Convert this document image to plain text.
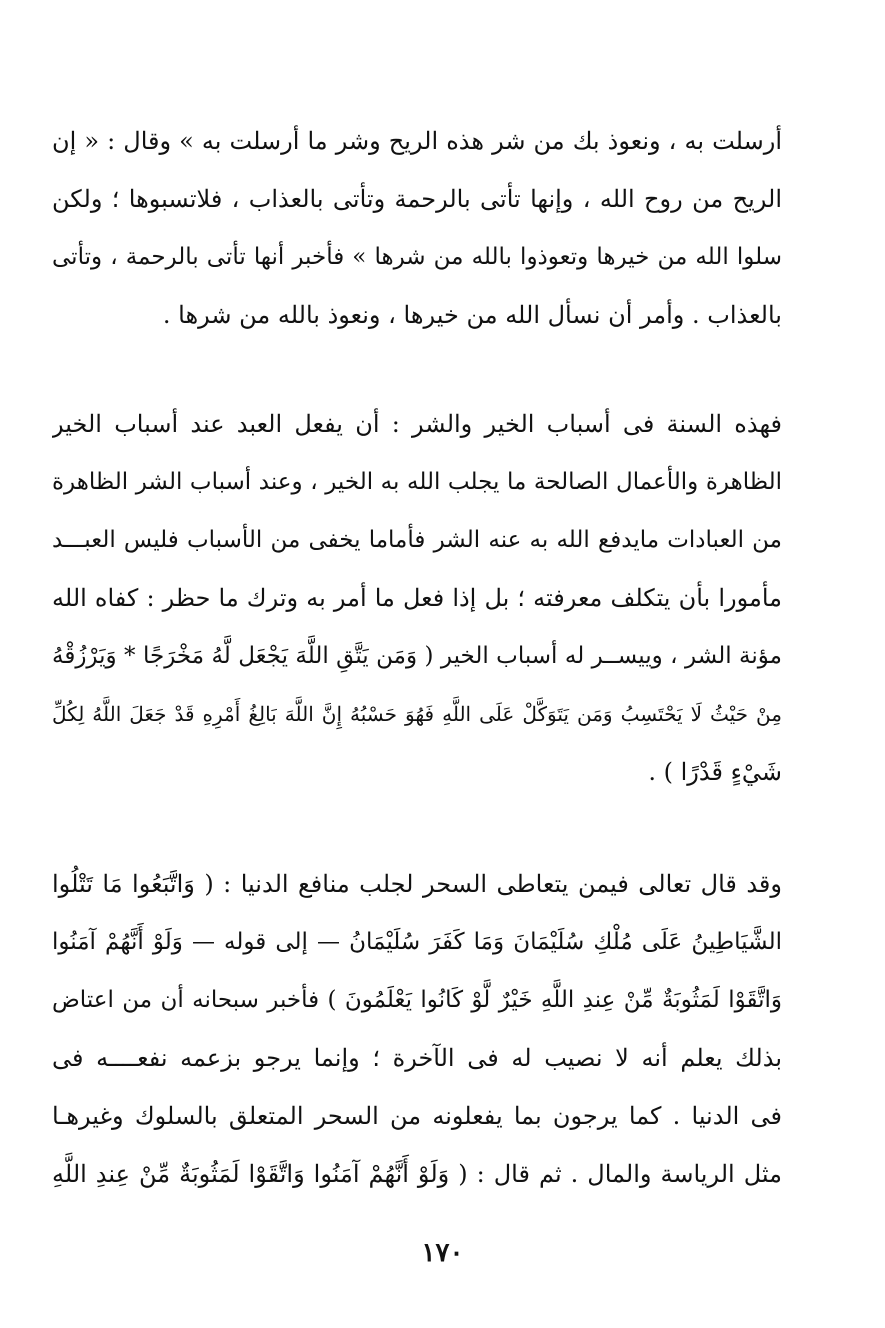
أرسلت به ، ونعوذ بك من شر هذه الريح وشر ما أرسلت به » وقال : « إن
الريح من روح الله ، وإنها تأتى بالرحمة وتأتى بالعذاب ، فلاتسبوها ؛ ولكن
سلوا الله من خيرها وتعوذوا بالله من شرها » فأخبر أنها تأتى بالرحمة ، وتأتى
بالعذاب . وأمر أن نسأل الله من خيرها ، ونعوذ بالله من شرها .
فهذه السنة فى أسباب الخير والشر : أن يفعل العبد عند أسباب الخير
الظاهرة والأعمال الصالحة ما يجلب الله به الخير ، وعند أسباب الشر الظاهرة
من العبادات مايدفع الله به عنه الشر فأماما يخفى من الأسباب فليس العبـــد
مأمورا بأن يتكلف معرفته ؛ بل إذا فعل ما أمر به وترك ما حظر : كفاه الله
مؤنة الشر ، وييســر له أسباب الخير ( وَمَن يَتَّقِ اللَّهَ يَجْعَل لَّهُ مَخْرَجًا * وَيَرْزُقْهُ
مِنْ حَيْثُ لَا يَحْتَسِبُ وَمَن يَتَوَكَّلْ عَلَى اللَّهِ فَهُوَ حَسْبُهُ إِنَّ اللَّهَ بَالِغُ أَمْرِهِ قَدْ جَعَلَ اللَّهُ لِكُلِّ
شَيْءٍ قَدْرًا ) .
وقد قال تعالى فيمن يتعاطى السحر لجلب منافع الدنيا : ( وَاتَّبَعُوا مَا تَتْلُوا
الشَّيَاطِينُ عَلَى مُلْكِ سُلَيْمَانَ وَمَا كَفَرَ سُلَيْمَانُ — إلى قوله — وَلَوْ أَنَّهُمْ آمَنُوا
وَاتَّقَوْا لَمَثُوبَةٌ مِّنْ عِندِ اللَّهِ خَيْرٌ لَّوْ كَانُوا يَعْلَمُونَ ) فأخبر سبحانه أن من اعتاض
بذلك يعلم أنه لا نصيب له فى الآخرة ؛ وإنما يرجو بزعمه نفعــــه فى
فى الدنيا . كما يرجون بما يفعلونه من السحر المتعلق بالسلوك وغيرهـا
مثل الرياسة والمال . ثم قال : ( وَلَوْ أَنَّهُمْ آمَنُوا وَاتَّقَوْا لَمَثُوبَةٌ مِّنْ عِندِ اللَّهِ
١٧٠
